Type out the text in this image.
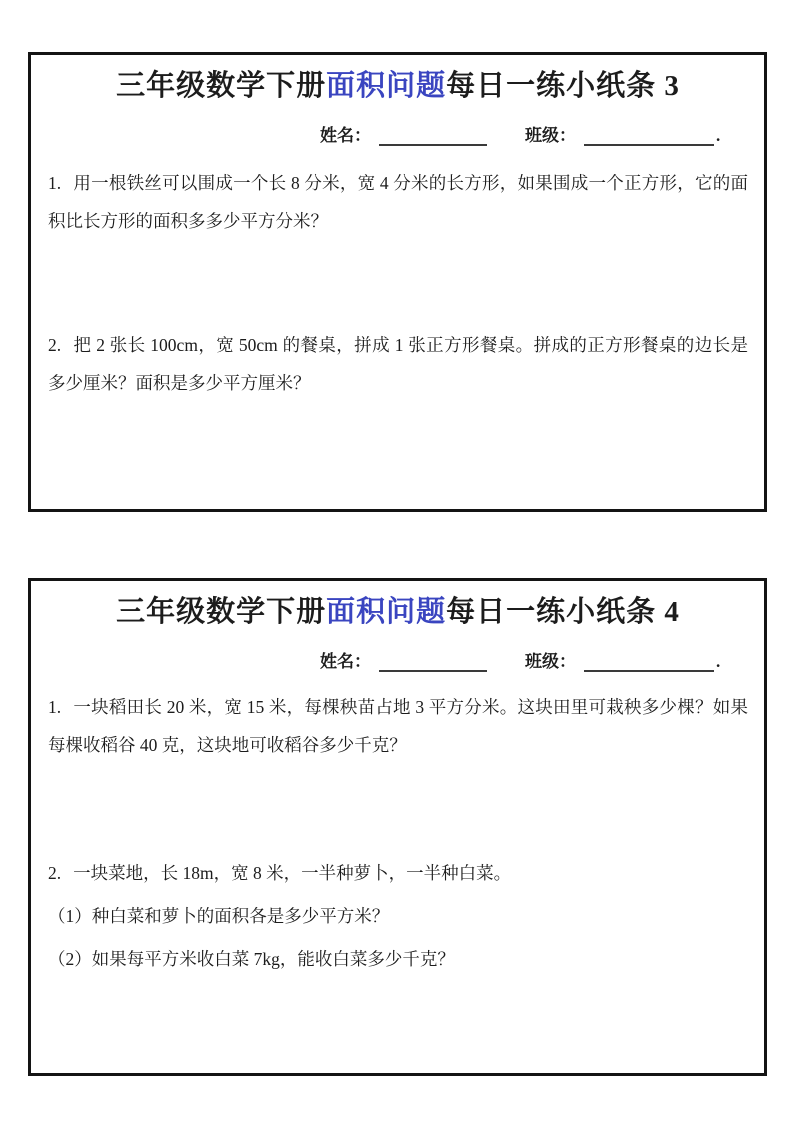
三年级数学下册面积问题每日一练小纸条 3
姓名：	班级：	.

1. 用一根铁丝可以围成一个长 8 分米，宽 4 分米的长方形，如果围成一个正方形，它的面积比长方形的面积多多少平方分米？

2. 把 2 张长 100cm，宽 50cm 的餐桌，拼成 1 张正方形餐桌。拼成的正方形餐桌的边长是多少厘米？面积是多少平方厘米？

三年级数学下册面积问题每日一练小纸条 4
姓名：	班级：	.

1. 一块稻田长 20 米，宽 15 米，每棵秧苗占地 3 平方分米。这块田里可栽秧多少棵？如果每棵收稻谷 40 克，这块地可收稻谷多少千克？

2. 一块菜地，长 18m，宽 8 米，一半种萝卜，一半种白菜。

（1）种白菜和萝卜的面积各是多少平方米？

（2）如果每平方米收白菜 7kg，能收白菜多少千克？
